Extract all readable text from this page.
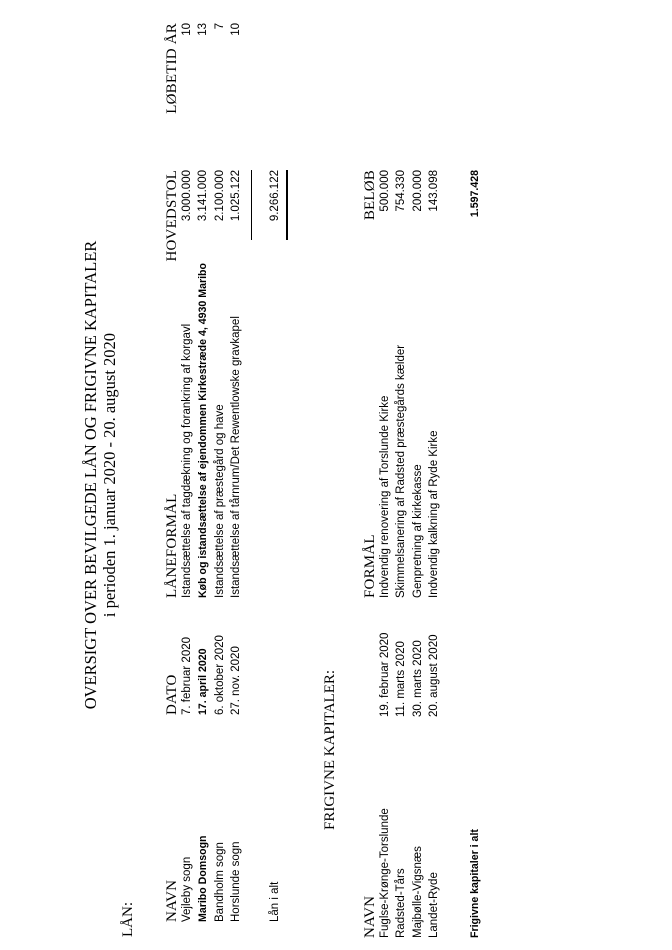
OVERSIGT OVER BEVILGEDE LÅN OG FRIGIVNE KAPITALER i perioden 1. januar 2020 - 20. august 2020
LÅN: NAVN
DATO
LÅNEFORMÅL
HOVEDSTOL
LØBETID ÅR
Vejleby sogn
7. februar 2020
Istandsættelse af tagdækning og forankring af korgavl
3.000.000
10
Maribo Domsogn
17. april 2020
Køb og istandsættelse af ejendommen Kirkestræde 4, 4930 Maribo
3.141.000
13
Bandholm sogn
6. oktober 2020
Istandsættelse af præstegård og have
2.100.000
7
Horslunde sogn
27. nov. 2020
Istandsættelse af tårnrum/Det Rewentlowske gravkapel
1.025.122
10
Lån i alt
9.266.122
FRIGIVNE KAPITALER:
NAVN
FORMÅL
BELØB
Fuglse-Krønge-Torslunde
19. februar 2020
Indvendig renovering af Torslunde Kirke
500.000
Radsted-Tårs
11. marts 2020
Skimmelsanering af Radsted præstegårds kælder
754.330
Majbølle-Vigsnæs
30. marts 2020
Genpretning af kirkekasse
200.000
Landet-Ryde
20. august 2020
Indvendig kalkning af Ryde Kirke
143.098
Frigivne kapitaler i alt
1.597.428
